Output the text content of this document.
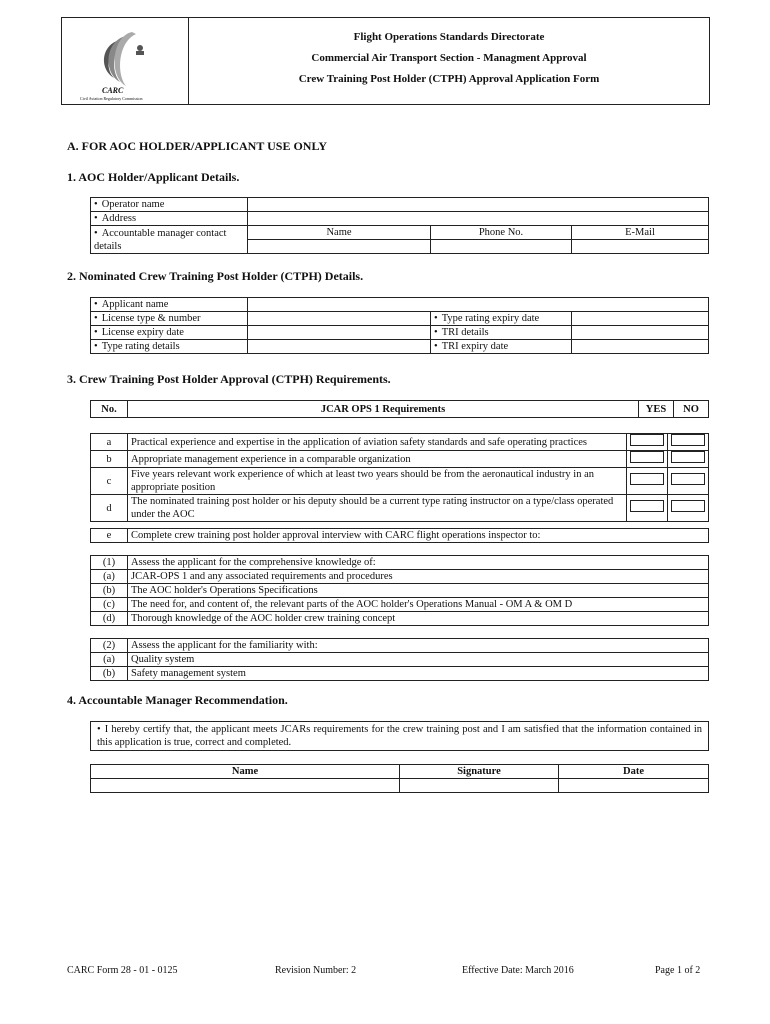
CARC
Civil Aviation Regulatory Commission
Flight Operations Standards Directorate
Commercial Air Transport Section - Managment Approval
Crew Training Post Holder (CTPH) Approval Application Form
A. FOR AOC HOLDER/APPLICANT USE ONLY
1. AOC Holder/Applicant Details.
• Operator name	
• Address	
• Accountable manager contact details	Name	Phone No.	E-Mail

2. Nominated Crew Training Post Holder (CTPH) Details.
• Applicant name	
• License type & number		•Type rating expiry date	
• License expiry date		•TRI details	
• Type rating details		•TRI expiry date	
3. Crew Training Post Holder Approval (CTPH) Requirements.
No.	JCAR OPS 1 Requirements	YES	NO
a	Practical experience and expertise in the application of aviation safety standards and safe operating practices		
b	Appropriate management experience in a comparable organization		
c	Five years relevant work experience of which at least two years should be from the aeronautical industry in an appropriate position		
d	The nominated training post holder or his deputy should be a current type rating instructor on a type/class operated under the AOC		
e	Complete crew training post holder approval interview with CARC flight operations inspector to:
(1)	Assess the applicant for the comprehensive knowledge of:
(a)	JCAR-OPS 1 and any associated requirements and procedures
(b)	The AOC holder's Operations Specifications
(c)	The need for, and content of, the relevant parts of the AOC holder's Operations Manual - OM A & OM D
(d)	Thorough knowledge of the AOC holder crew training concept
(2)	Assess the applicant for the familiarity with:
(a)	Quality system
(b)	Safety management system
4. Accountable Manager Recommendation.
• I hereby certify that, the applicant meets JCARs requirements for the crew training post and I am satisfied that the information contained in this application is true, correct and completed.
Name	Signature	Date

CARC Form 28 - 01 - 0125	Revision Number: 2	Effective Date: March 2016	Page 1 of 2
